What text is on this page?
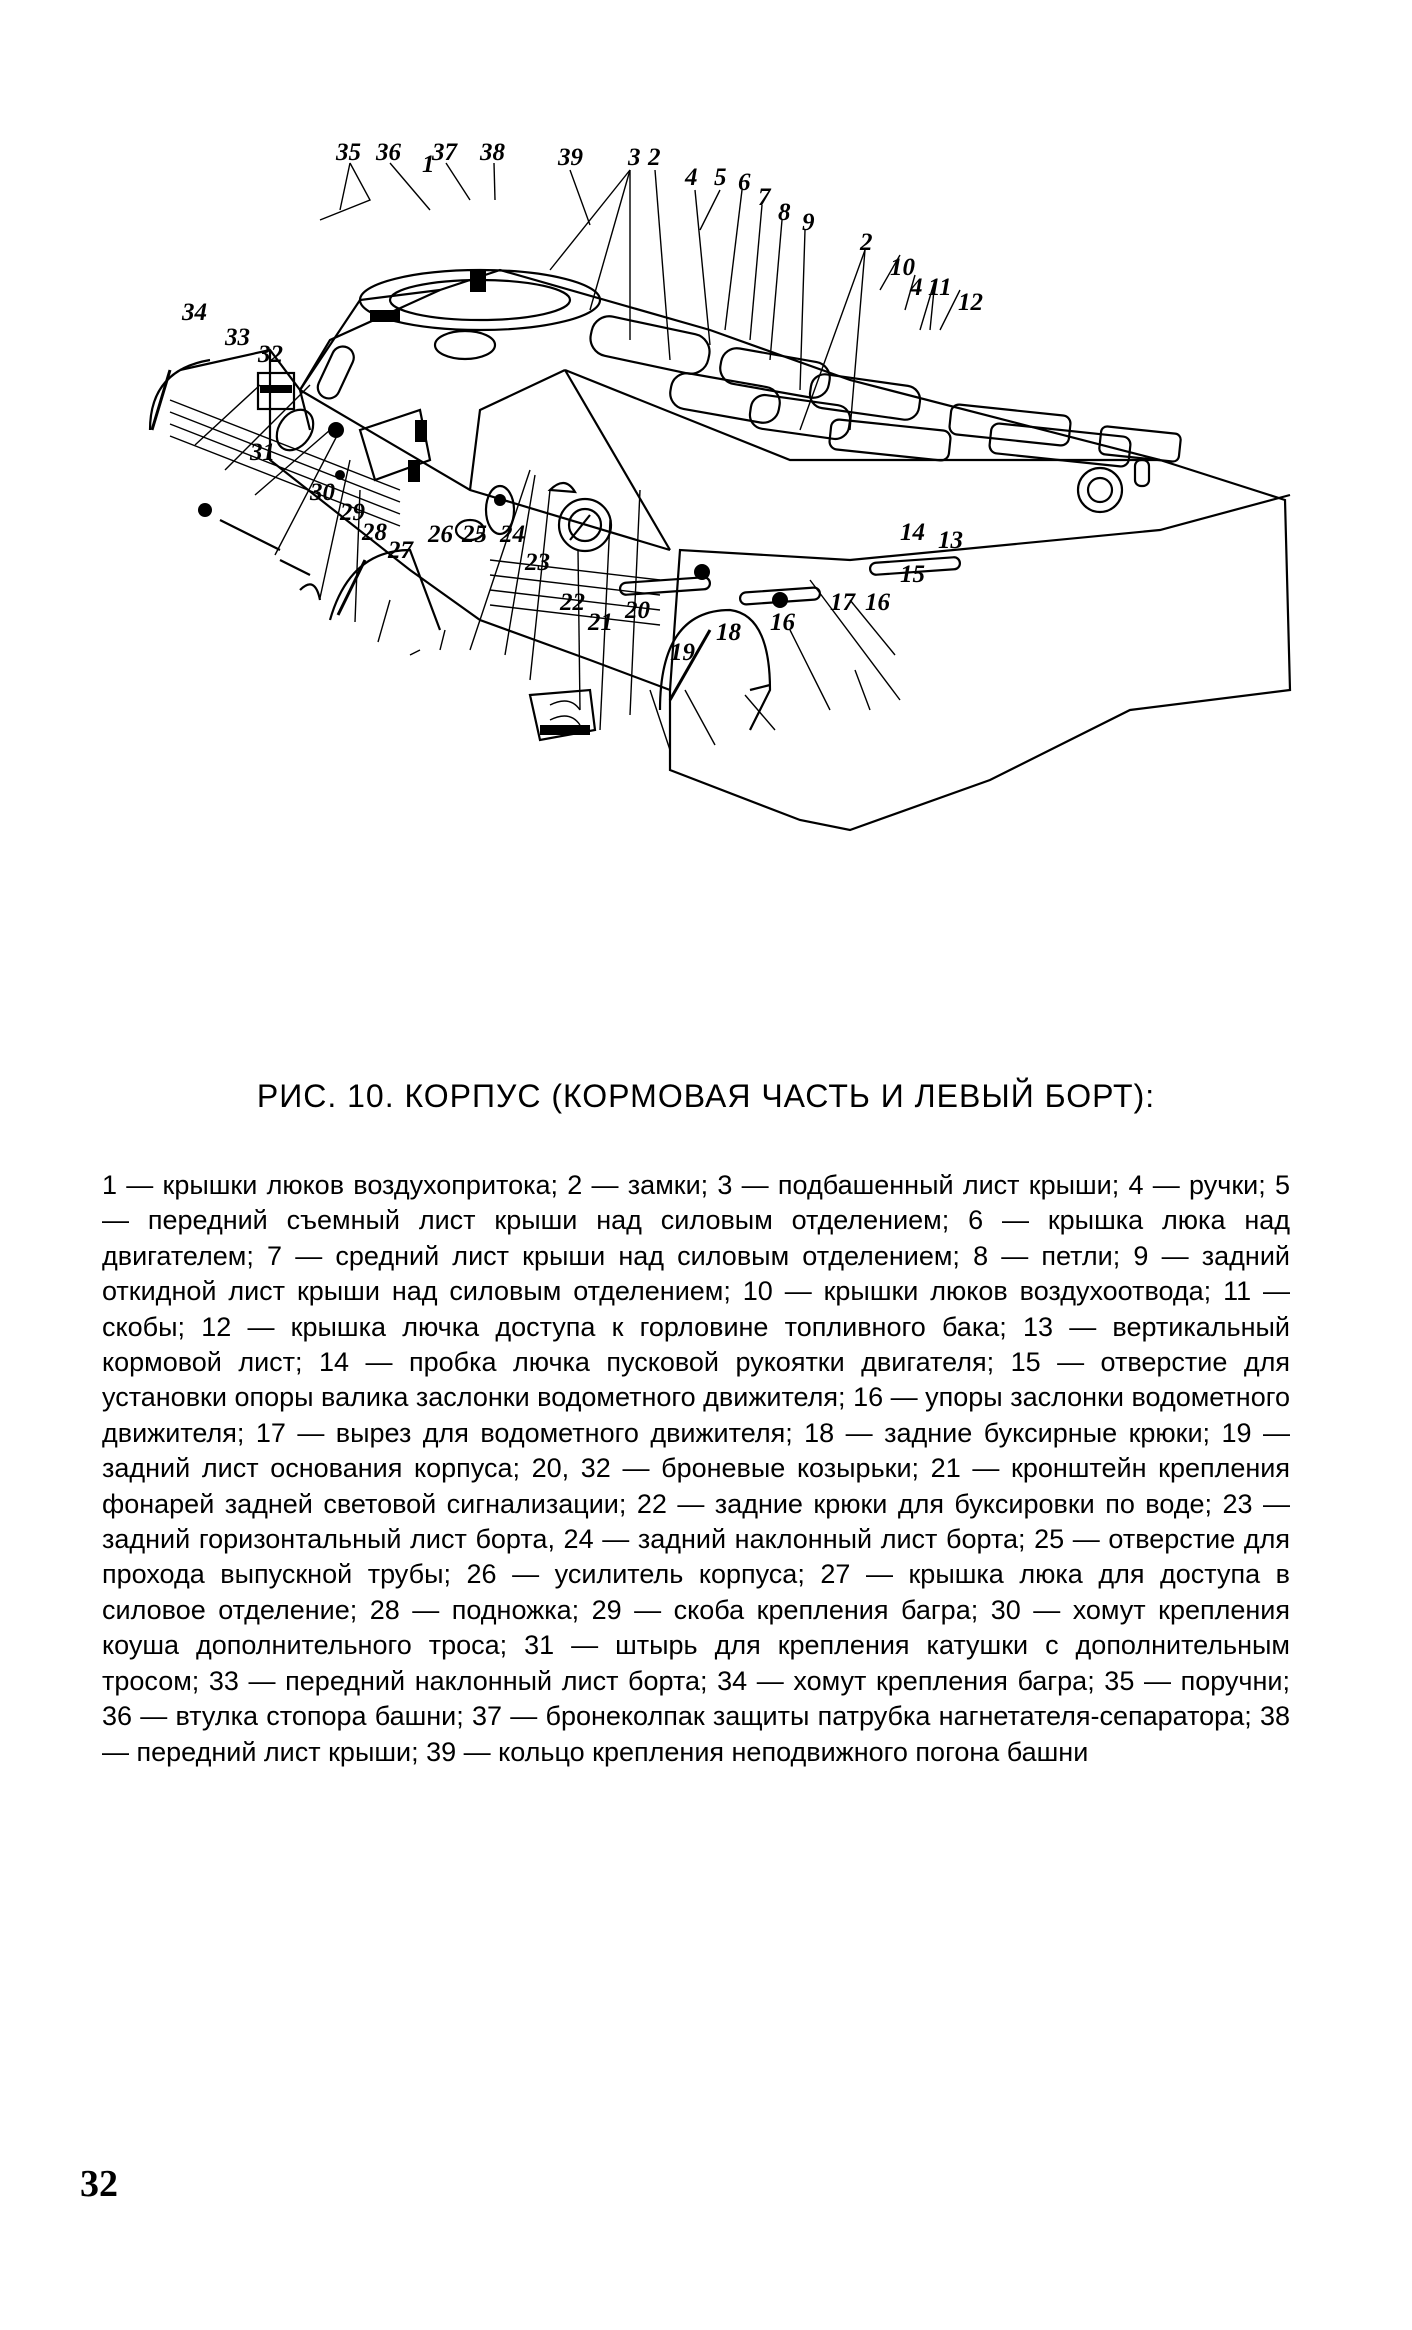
35 36 37 38
1	39 3 2
4 5 6
7
8 9
2
10
4 11
12
13
14
15
16
17
16
18
19
20
21
22
23
24
25
26
27
28
29
30
31
32
33
34
РИС. 10. КОРПУС (КОРМОВАЯ ЧАСТЬ И ЛЕВЫЙ БОРТ):
1 — крышки люков воздухопритока; 2 — замки; 3 — подбашенный лист крыши; 4 — ручки; 5 — передний съемный лист крыши над силовым отделением; 6 — крышка люка над двигателем; 7 — средний лист крыши над силовым отделением; 8 — петли; 9 — задний откидной лист крыши над силовым отделением; 10 — крышки люков воздухоотвода; 11 — скобы; 12 — крышка лючка доступа к горловине топливного бака; 13 — вертикальный кормовой лист; 14 — пробка лючка пусковой рукоятки двигателя; 15 — отверстие для установки опоры валика заслонки водометного движителя; 16 — упоры заслонки водометного движителя; 17 — вырез для водометного движителя; 18 — задние буксирные крюки; 19 — задний лист основания корпуса; 20, 32 — броневые козырьки; 21 — кронштейн крепления фонарей задней световой сигнализации; 22 — задние крюки для буксировки по воде; 23 — задний горизонтальный лист борта, 24 — задний наклонный лист борта; 25 — отверстие для прохода выпускной трубы; 26 — усилитель корпуса; 27 — крышка люка для доступа в силовое отделение; 28 — подножка; 29 — скоба крепления багра; 30 — хомут крепления коуша дополнительного троса; 31 — штырь для крепления катушки с дополнительным тросом; 33 — передний наклонный лист борта; 34 — хомут крепления багра; 35 — поручни; 36 — втулка стопора башни; 37 — бронеколпак защиты патрубка нагнетателя-сепаратора; 38 — передний лист крыши; 39 — кольцо крепления неподвижного погона башни
32
